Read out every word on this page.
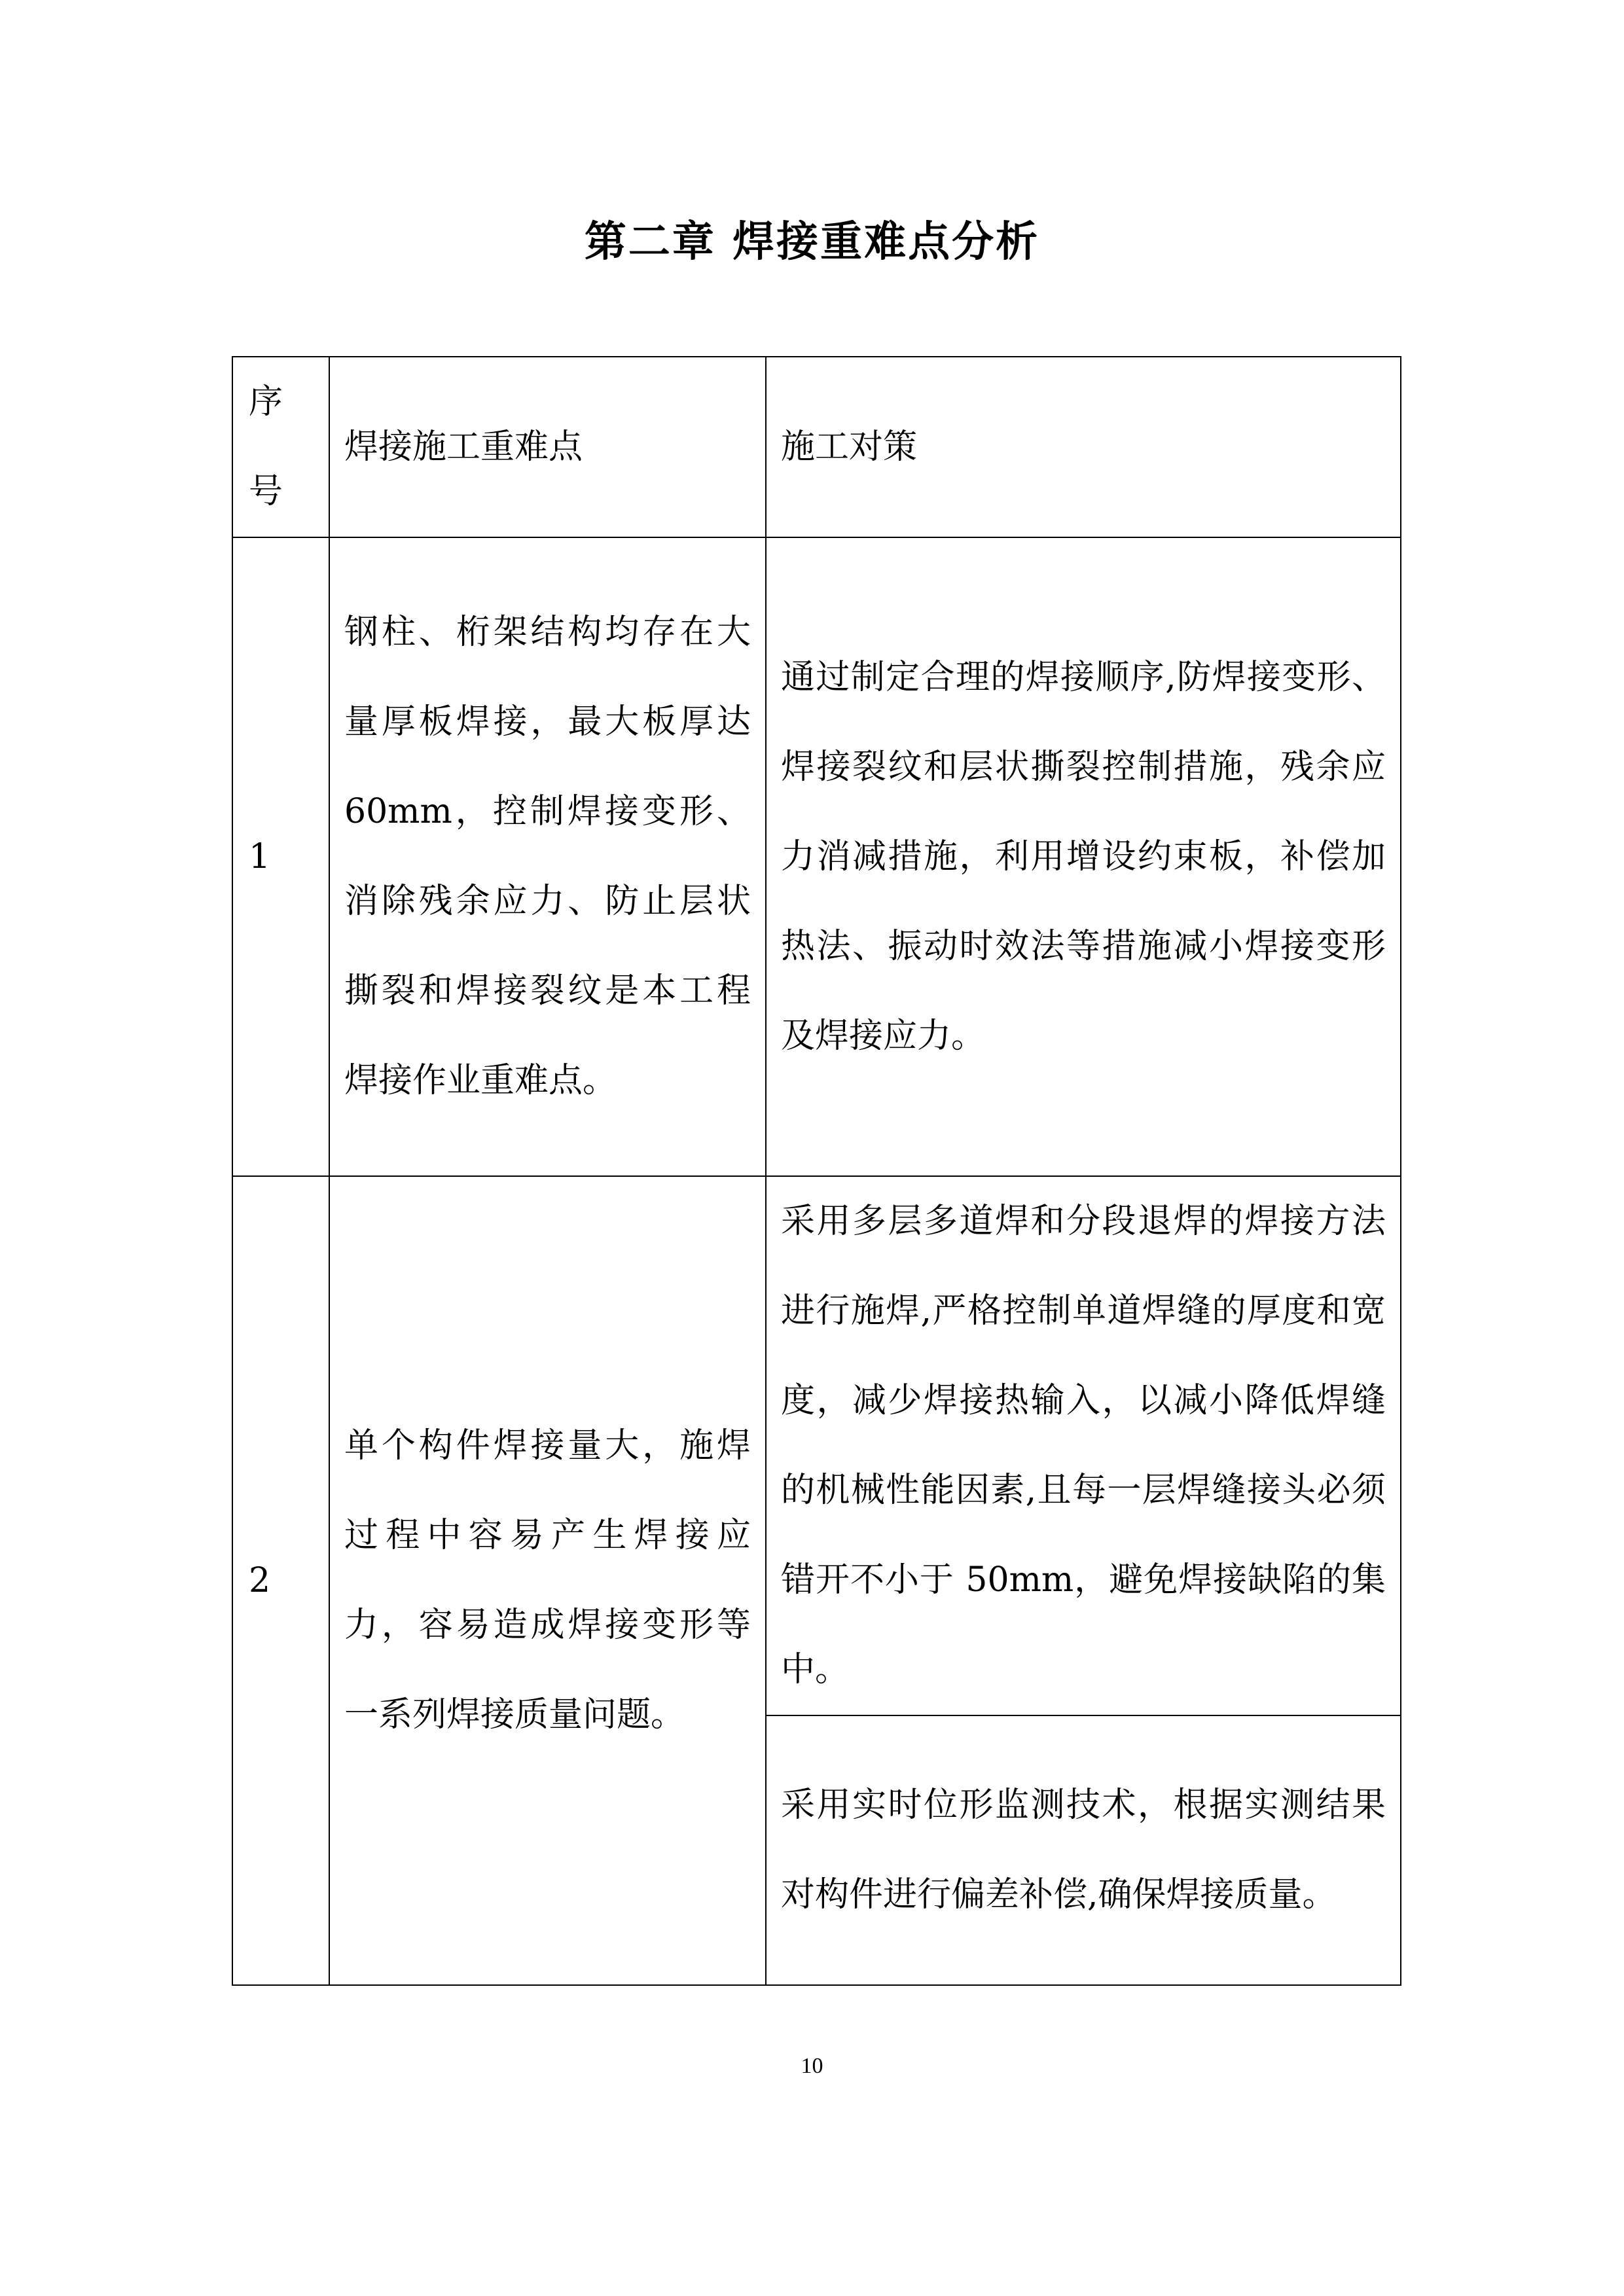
第二章 焊接重难点分析
序号	焊接施工重难点	施工对策
1	钢柱、桁架结构均存在大量厚板焊接，最大板厚达 60mm，控制焊接变形、消除残余应力、防止层状撕裂和焊接裂纹是本工程焊接作业重难点。	通过制定合理的焊接顺序,防焊接变形、焊接裂纹和层状撕裂控制措施，残余应力消减措施，利用增设约束板，补偿加热法、振动时效法等措施减小焊接变形及焊接应力。
2	单个构件焊接量大，施焊过程中容易产生焊接应力，容易造成焊接变形等一系列焊接质量问题。	采用多层多道焊和分段退焊的焊接方法进行施焊,严格控制单道焊缝的厚度和宽度，减少焊接热输入，以减小降低焊缝的机械性能因素,且每一层焊缝接头必须错开不小于 50mm，避免焊接缺陷的集中。
		采用实时位形监测技术，根据实测结果对构件进行偏差补偿,确保焊接质量。
10
